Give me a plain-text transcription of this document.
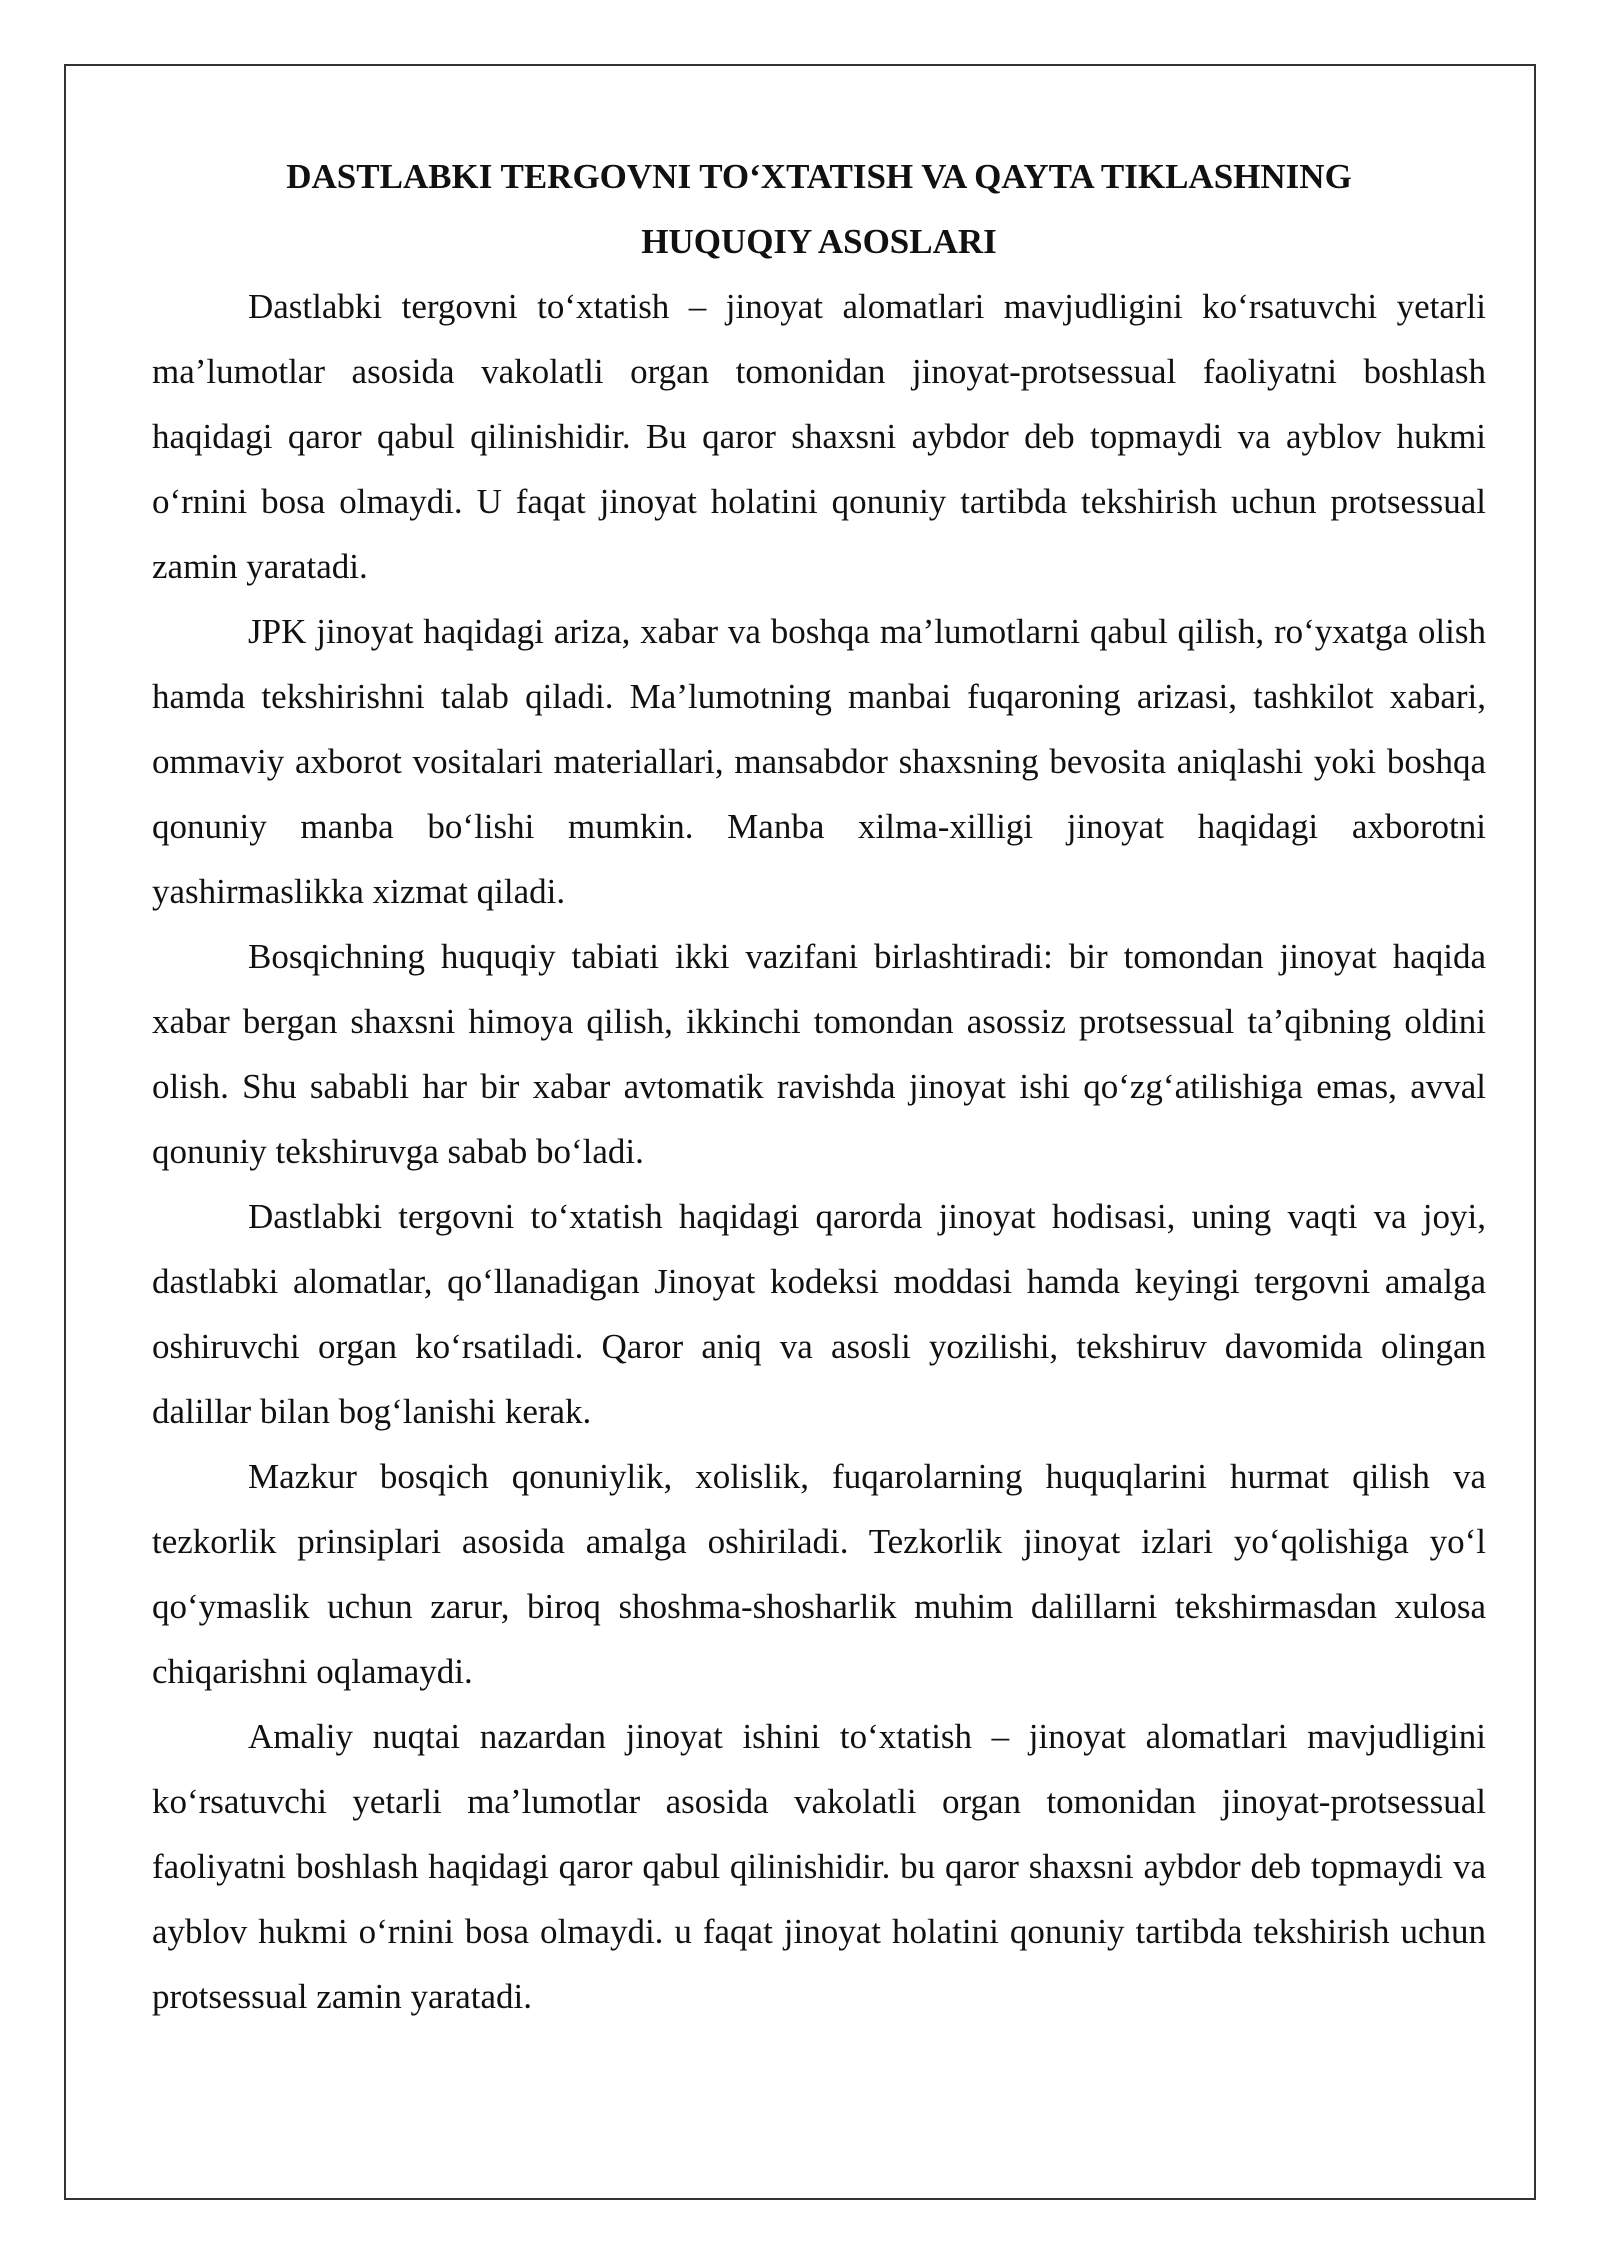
DASTLABKI TERGOVNI TO‘XTATISH VA QAYTA TIKLASHNING
HUQUQIY ASOSLARI

Dastlabki tergovni to‘xtatish – jinoyat alomatlari mavjudligini ko‘rsatuvchi yetarli ma’lumotlar asosida vakolatli organ tomonidan jinoyat-protsessual faoliyatni boshlash haqidagi qaror qabul qilinishidir. Bu qaror shaxsni aybdor deb topmaydi va ayblov hukmi o‘rnini bosa olmaydi. U faqat jinoyat holatini qonuniy tartibda tekshirish uchun protsessual zamin yaratadi.

JPK jinoyat haqidagi ariza, xabar va boshqa ma’lumotlarni qabul qilish, ro‘yxatga olish hamda tekshirishni talab qiladi. Ma’lumotning manbai fuqaroning arizasi, tashkilot xabari, ommaviy axborot vositalari materiallari, mansabdor shaxsning bevosita aniqlashi yoki boshqa qonuniy manba bo‘lishi mumkin. Manba xilma-xilligi jinoyat haqidagi axborotni yashirmaslikka xizmat qiladi.

Bosqichning huquqiy tabiati ikki vazifani birlashtiradi: bir tomondan jinoyat haqida xabar bergan shaxsni himoya qilish, ikkinchi tomondan asossiz protsessual ta’qibning oldini olish. Shu sababli har bir xabar avtomatik ravishda jinoyat ishi qo‘zg‘atilishiga emas, avval qonuniy tekshiruvga sabab bo‘ladi.

Dastlabki tergovni to‘xtatish haqidagi qarorda jinoyat hodisasi, uning vaqti va joyi, dastlabki alomatlar, qo‘llanadigan Jinoyat kodeksi moddasi hamda keyingi tergovni amalga oshiruvchi organ ko‘rsatiladi. Qaror aniq va asosli yozilishi, tekshiruv davomida olingan dalillar bilan bog‘lanishi kerak.

Mazkur bosqich qonuniylik, xolislik, fuqarolarning huquqlarini hurmat qilish va tezkorlik prinsiplari asosida amalga oshiriladi. Tezkorlik jinoyat izlari yo‘qolishiga yo‘l qo‘ymaslik uchun zarur, biroq shoshma-shosharlik muhim dalillarni tekshirmasdan xulosa chiqarishni oqlamaydi.

Amaliy nuqtai nazardan jinoyat ishini to‘xtatish – jinoyat alomatlari mavjudligini ko‘rsatuvchi yetarli ma’lumotlar asosida vakolatli organ tomonidan jinoyat-protsessual faoliyatni boshlash haqidagi qaror qabul qilinishidir. bu qaror shaxsni aybdor deb topmaydi va ayblov hukmi o‘rnini bosa olmaydi. u faqat jinoyat holatini qonuniy tartibda tekshirish uchun protsessual zamin yaratadi.
